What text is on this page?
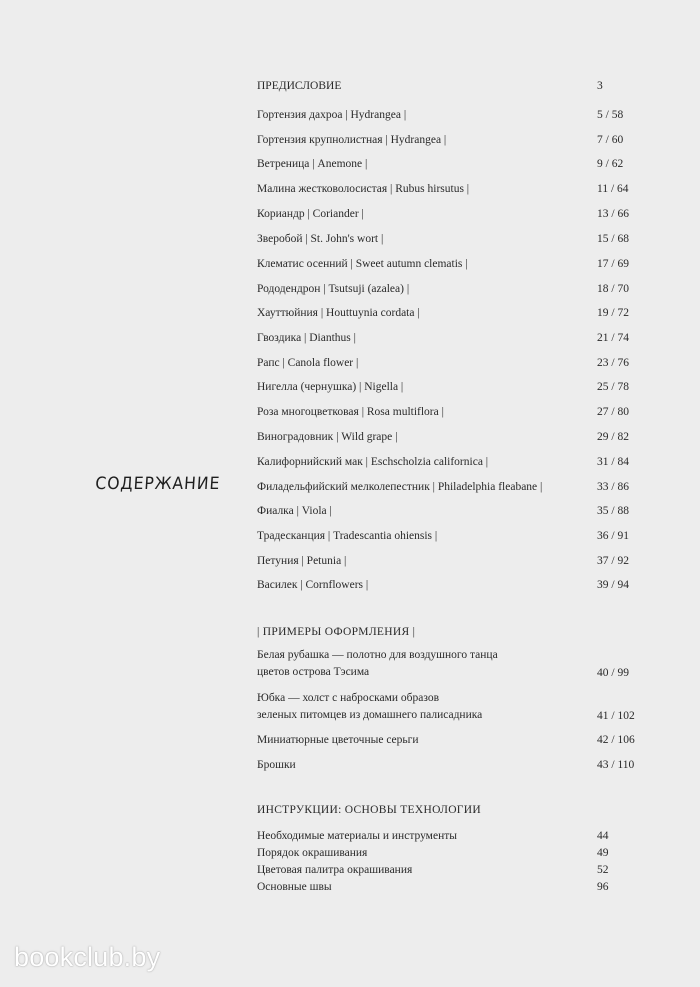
СОДЕРЖАНИЕ
ПРЕДИСЛОВИЕ	3
Гортензия дахроа | Hydrangea |	5 / 58
Гортензия крупнолистная | Hydrangea |	7 / 60
Ветреница | Anemone |	9 / 62
Малина жестковолосистая | Rubus hirsutus |	11 / 64
Кориандр | Coriander |	13 / 66
Зверобой | St. John's wort |	15 / 68
Клематис осенний | Sweet autumn clematis |	17 / 69
Рододендрон | Tsutsuji (azalea) |	18 / 70
Хауттюйния | Houttuynia cordata |	19 / 72
Гвоздика | Dianthus |	21 / 74
Рапс | Canola flower |	23 / 76
Нигелла (чернушка) | Nigella |	25 / 78
Роза многоцветковая | Rosa multiflora |	27 / 80
Виноградовник | Wild grape |	29 / 82
Калифорнийский мак | Eschscholzia californica |	31 / 84
Филадельфийский мелколепестник | Philadelphia fleabane |	33 / 86
Фиалка | Viola |	35 / 88
Традесканция | Tradescantia ohiensis |	36 / 91
Петуния | Petunia |	37 / 92
Василек | Cornflowers |	39 / 94
| ПРИМЕРЫ ОФОРМЛЕНИЯ |
Белая рубашка — полотно для воздушного танца
цветов острова Тэсима	40 / 99
Юбка — холст с набросками образов
зеленых питомцев из домашнего палисадника	41 / 102
Миниатюрные цветочные серьги	42 / 106
Брошки	43 / 110
ИНСТРУКЦИИ: ОСНОВЫ ТЕХНОЛОГИИ
Необходимые материалы и инструменты	44
Порядок окрашивания	49
Цветовая палитра окрашивания	52
Основные швы	96
bookclub.by
